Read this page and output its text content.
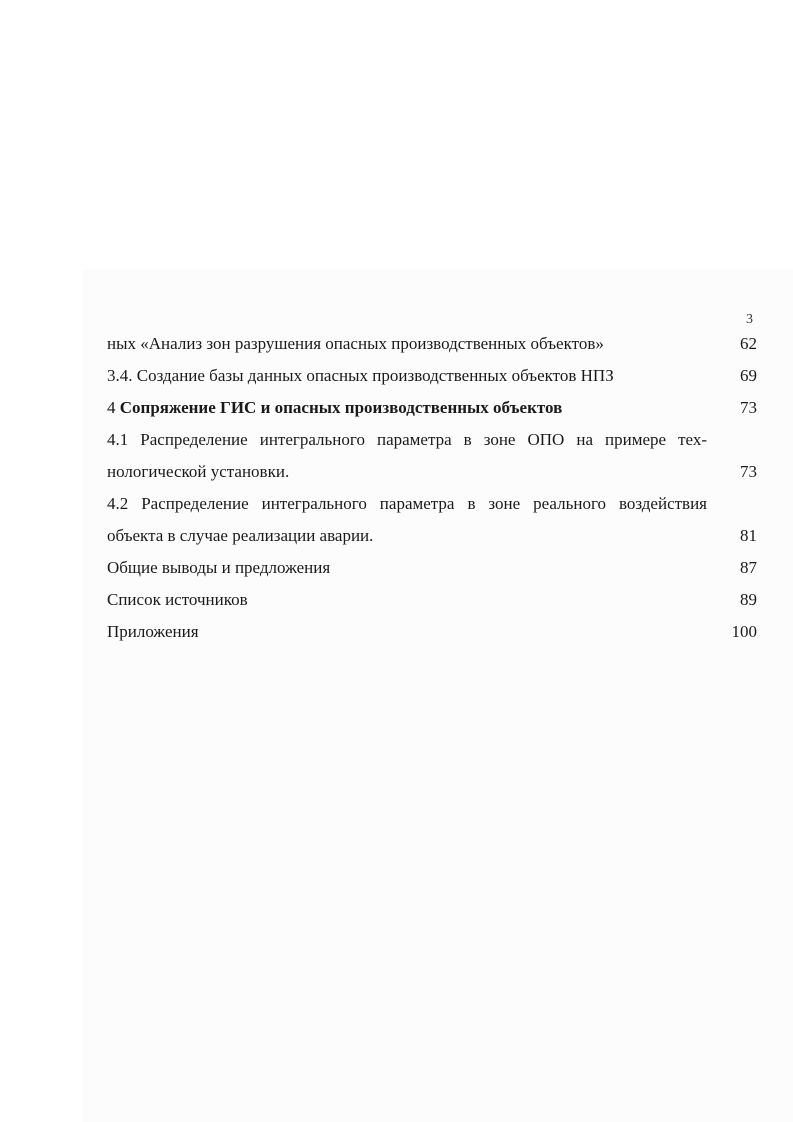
3
ных «Анализ зон разрушения опасных производственных объектов»	62
3.4. Создание базы данных опасных производственных объектов НПЗ	69
4 Сопряжение ГИС и опасных производственных объектов	73
4.1 Распределение интегрального параметра в зоне ОПО на примере тех-
нологической установки.	73
4.2 Распределение интегрального параметра в зоне реального воздействия
объекта в случае реализации аварии.	81
Общие выводы и предложения	87
Список источников	89
Приложения	100
